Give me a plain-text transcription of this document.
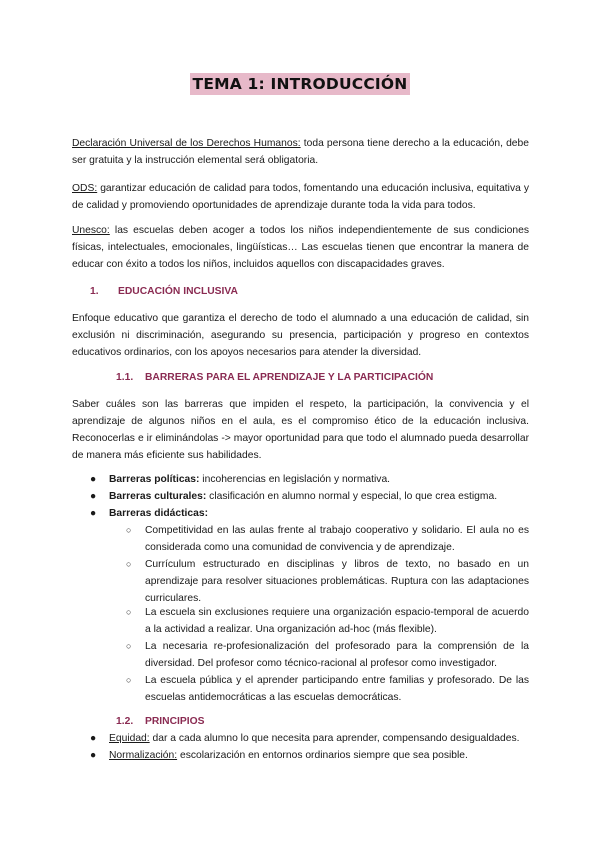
TEMA 1: INTRODUCCIÓN

Declaración Universal de los Derechos Humanos: toda persona tiene derecho a la educación, debe ser gratuita y la instrucción elemental será obligatoria.

ODS: garantizar educación de calidad para todos, fomentando una educación inclusiva, equitativa y de calidad y promoviendo oportunidades de aprendizaje durante toda la vida para todos.

Unesco: las escuelas deben acoger a todos los niños independientemente de sus condiciones físicas, intelectuales, emocionales, lingüísticas… Las escuelas tienen que encontrar la manera de educar con éxito a todos los niños, incluidos aquellos con discapacidades graves.

1. EDUCACIÓN INCLUSIVA

Enfoque educativo que garantiza el derecho de todo el alumnado a una educación de calidad, sin exclusión ni discriminación, asegurando su presencia, participación y progreso en contextos educativos ordinarios, con los apoyos necesarios para atender la diversidad.

1.1. BARRERAS PARA EL APRENDIZAJE Y LA PARTICIPACIÓN

Saber cuáles son las barreras que impiden el respeto, la participación, la convivencia y el aprendizaje de algunos niños en el aula, es el compromiso ético de la educación inclusiva. Reconocerlas e ir eliminándolas -> mayor oportunidad para que todo el alumnado pueda desarrollar de manera más eficiente sus habilidades.

●	Barreras políticas: incoherencias en legislación y normativa.
●	Barreras culturales: clasificación en alumno normal y especial, lo que crea estigma.
●	Barreras didácticas:
○ Competitividad en las aulas frente al trabajo cooperativo y solidario. El aula no es considerada como una comunidad de convivencia y de aprendizaje.

○ Currículum estructurado en disciplinas y libros de texto, no basado en un aprendizaje para resolver situaciones problemáticas. Ruptura con las adaptaciones curriculares.

○ La escuela sin exclusiones requiere una organización espacio-temporal de acuerdo a la actividad a realizar. Una organización ad-hoc (más flexible).

○ La necesaria re-profesionalización del profesorado para la comprensión de la diversidad. Del profesor como técnico-racional al profesor como investigador.

○ La escuela pública y el aprender participando entre familias y profesorado. De las escuelas antidemocráticas a las escuelas democráticas.

1.2. PRINCIPIOS
●	Equidad: dar a cada alumno lo que necesita para aprender, compensando desigualdades.
●	Normalización: escolarización en entornos ordinarios siempre que sea posible.
